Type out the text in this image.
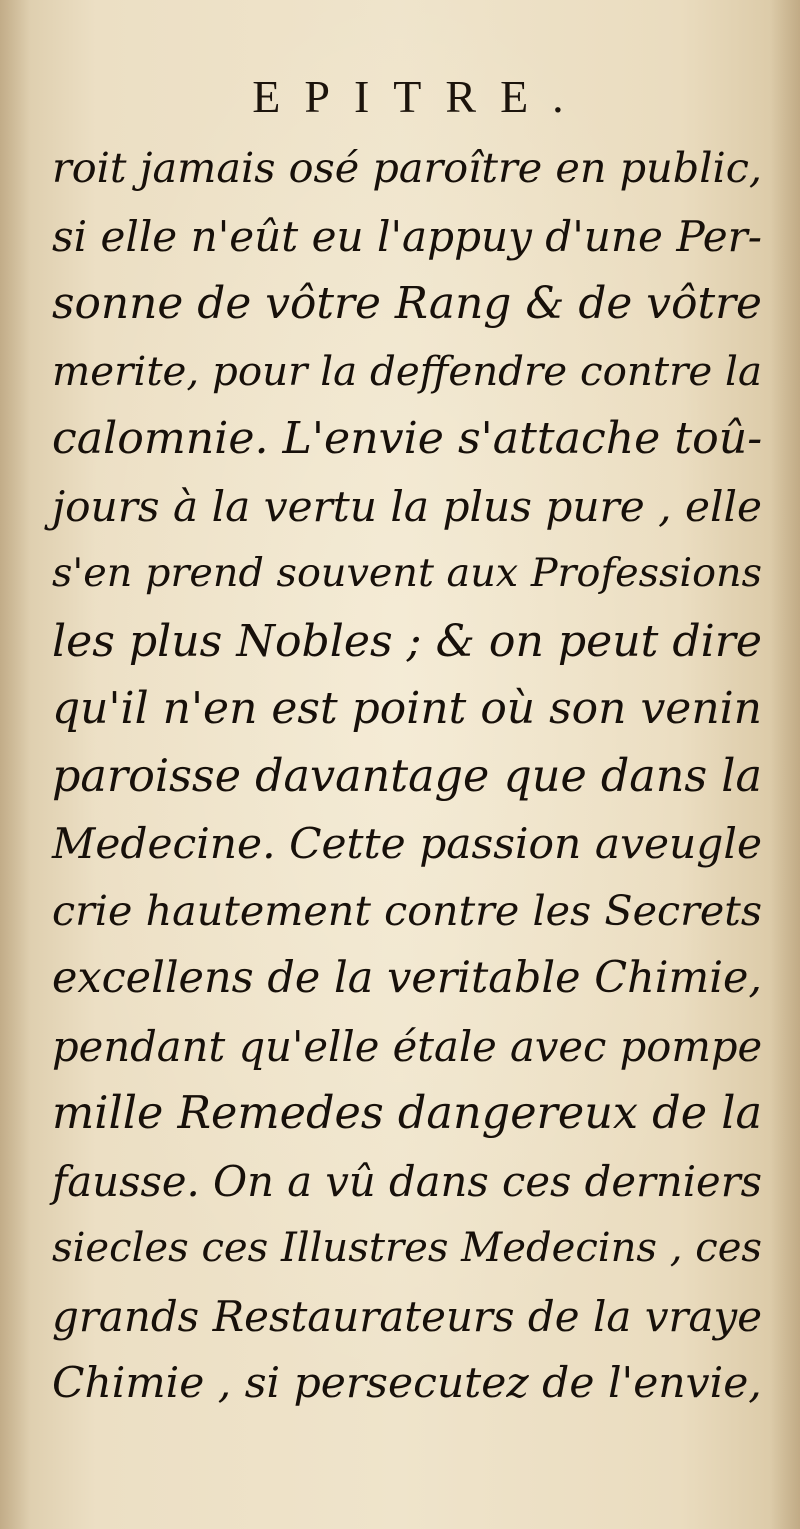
EPITRE.
roit jamais osé paroître en public,
si elle n'eût eu l'appuy d'une Per-
sonne de vôtre Rang & de vôtre
merite, pour la deffendre contre la
calomnie. L'envie s'attache toû-
jours à la vertu la plus pure , elle
s'en prend souvent aux Professions
les plus Nobles ; & on peut dire
qu'il n'en est point où son venin
paroisse davantage que dans la
Medecine. Cette passion aveugle
crie hautement contre les Secrets
excellens de la veritable Chimie,
pendant qu'elle étale avec pompe
mille Remedes dangereux de la
fausse. On a vû dans ces derniers
siecles ces Illustres Medecins , ces
grands Restaurateurs de la vraye
Chimie , si persecutez de l'envie,
